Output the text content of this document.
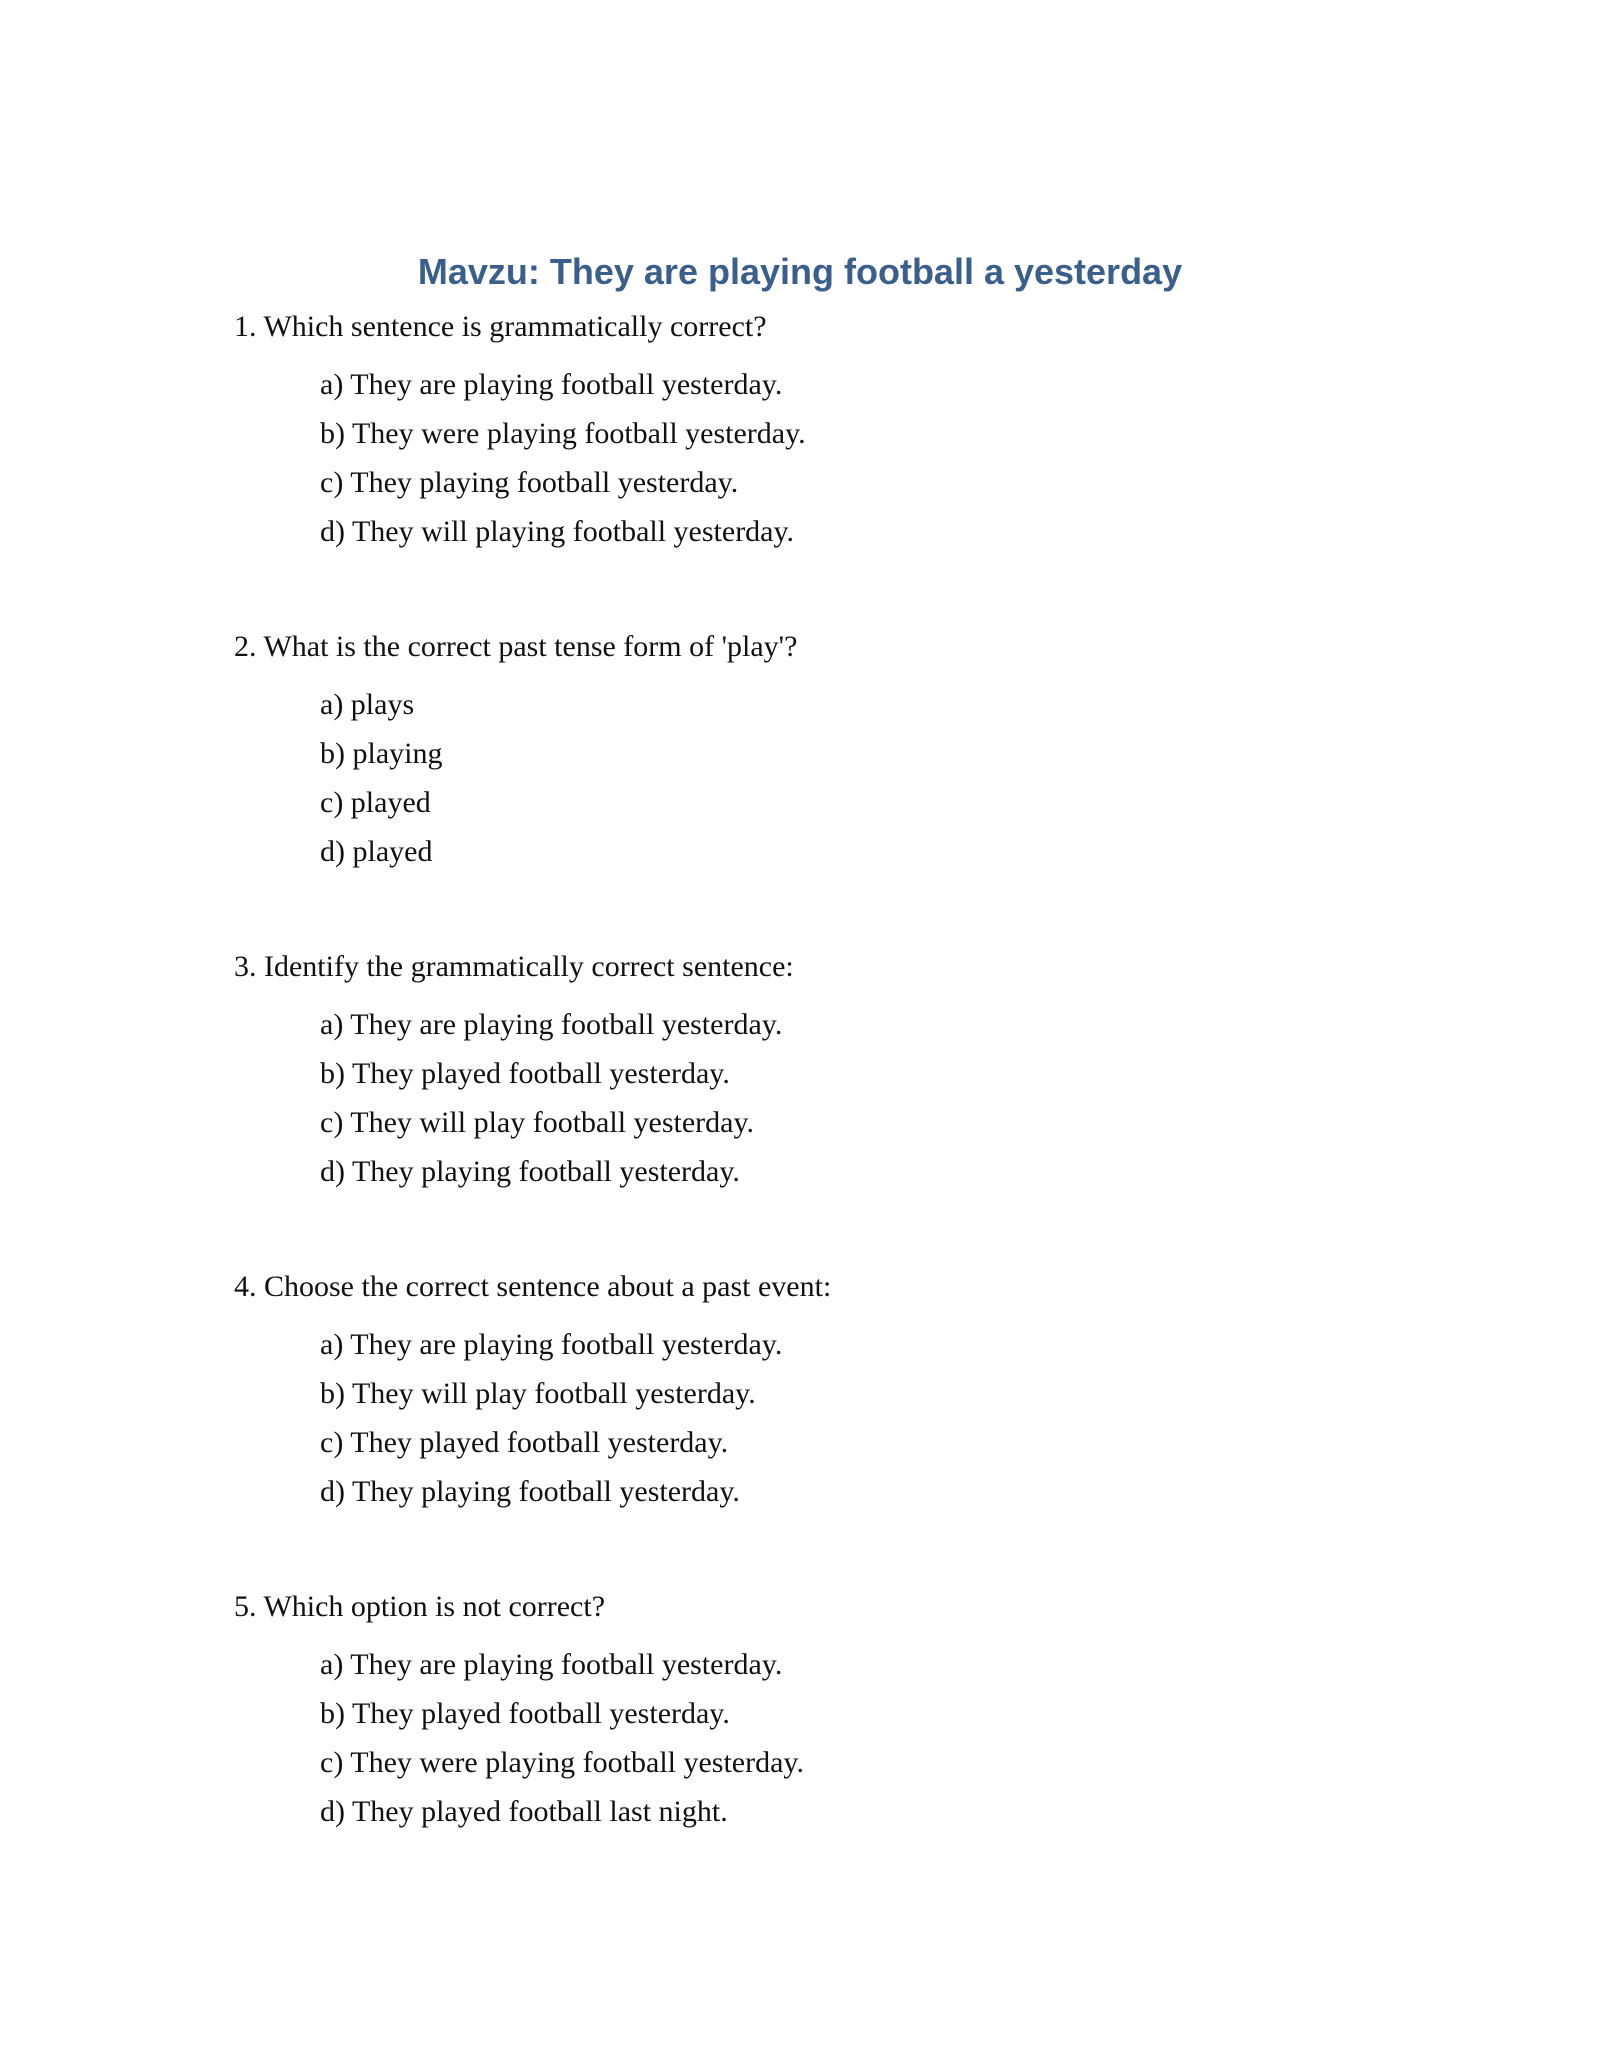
Mavzu: They are playing football a yesterday

1. Which sentence is grammatically correct?

a) They are playing football yesterday.
b) They were playing football yesterday.
c) They playing football yesterday.
d) They will playing football yesterday.

2. What is the correct past tense form of 'play'?

a) plays
b) playing
c) played
d) played

3. Identify the grammatically correct sentence:

a) They are playing football yesterday.
b) They played football yesterday.
c) They will play football yesterday.
d) They playing football yesterday.

4. Choose the correct sentence about a past event:

a) They are playing football yesterday.
b) They will play football yesterday.
c) They played football yesterday.
d) They playing football yesterday.

5. Which option is not correct?

a) They are playing football yesterday.
b) They played football yesterday.
c) They were playing football yesterday.
d) They played football last night.
